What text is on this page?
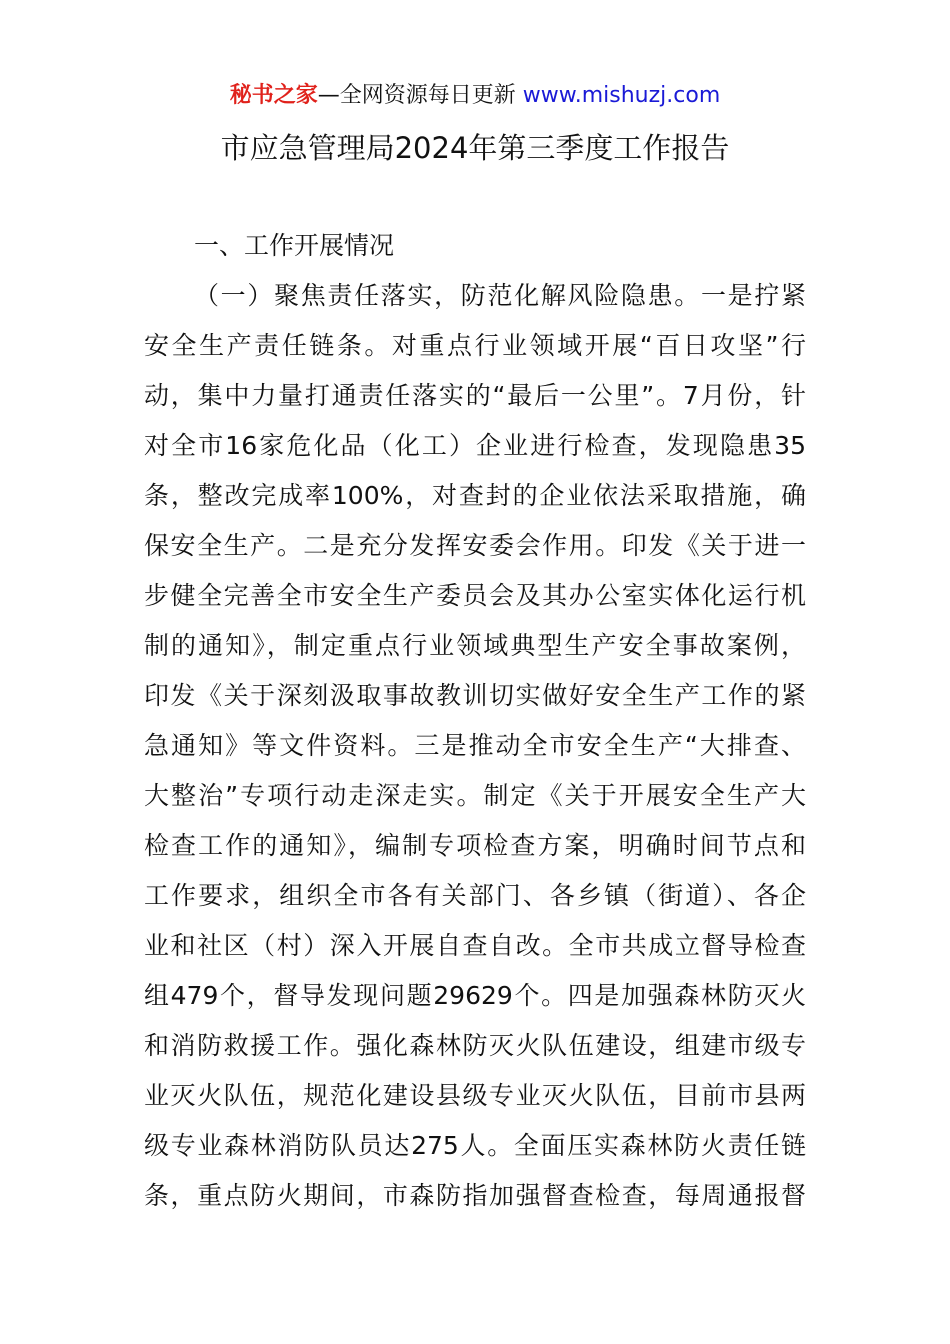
秘书之家—全网资源每日更新 www.mishuzj.com
市应急管理局2024年第三季度工作报告
一、工作开展情况
（一）聚焦责任落实，防范化解风险隐患。一是拧紧
安全生产责任链条。对重点行业领域开展“百日攻坚”行
动，集中力量打通责任落实的“最后一公里”。7月份，针
对全市16家危化品（化工）企业进行检查，发现隐患35
条，整改完成率100%，对查封的企业依法采取措施，确
保安全生产。二是充分发挥安委会作用。印发《关于进一
步健全完善全市安全生产委员会及其办公室实体化运行机
制的通知》，制定重点行业领域典型生产安全事故案例，
印发《关于深刻汲取事故教训切实做好安全生产工作的紧
急通知》等文件资料。三是推动全市安全生产“大排查、
大整治”专项行动走深走实。制定《关于开展安全生产大
检查工作的通知》，编制专项检查方案，明确时间节点和
工作要求，组织全市各有关部门、各乡镇（街道）、各企
业和社区（村）深入开展自查自改。全市共成立督导检查
组479个，督导发现问题29629个。四是加强森林防灭火
和消防救援工作。强化森林防灭火队伍建设，组建市级专
业灭火队伍，规范化建设县级专业灭火队伍，目前市县两
级专业森林消防队员达275人。全面压实森林防火责任链
条，重点防火期间，市森防指加强督查检查，每周通报督
